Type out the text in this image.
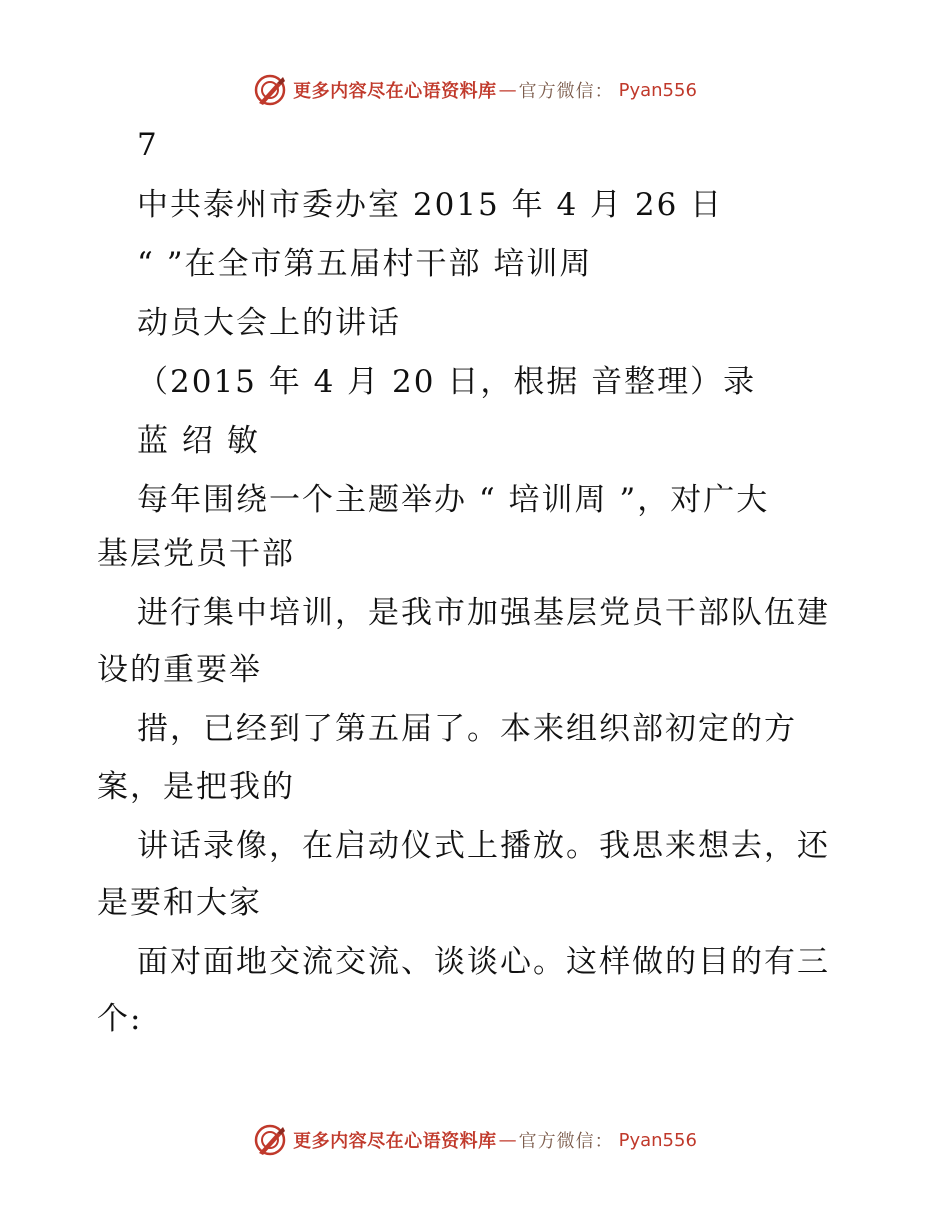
更多内容尽在心语资料库 — 官方微信 ： Pyan556
7
中共泰州市委办室 2015 年 4 月 26 日
“ ”在全市第五届村干部 培训周
动员大会上的讲话
（2015 年 4 月 20 日，根据 音整理）录
蓝 绍 敏
每年围绕一个主题举办 “ 培训周 ”，对广大
基层党员干部
进行集中培训，是我市加强基层党员干部队伍建
设的重要举
措，已经到了第五届了。本来组织部初定的方
案，是把我的
讲话录像，在启动仪式上播放。我思来想去，还
是要和大家
面对面地交流交流、谈谈心。这样做的目的有三
个:
更多内容尽在心语资料库 — 官方微信 ： Pyan556
